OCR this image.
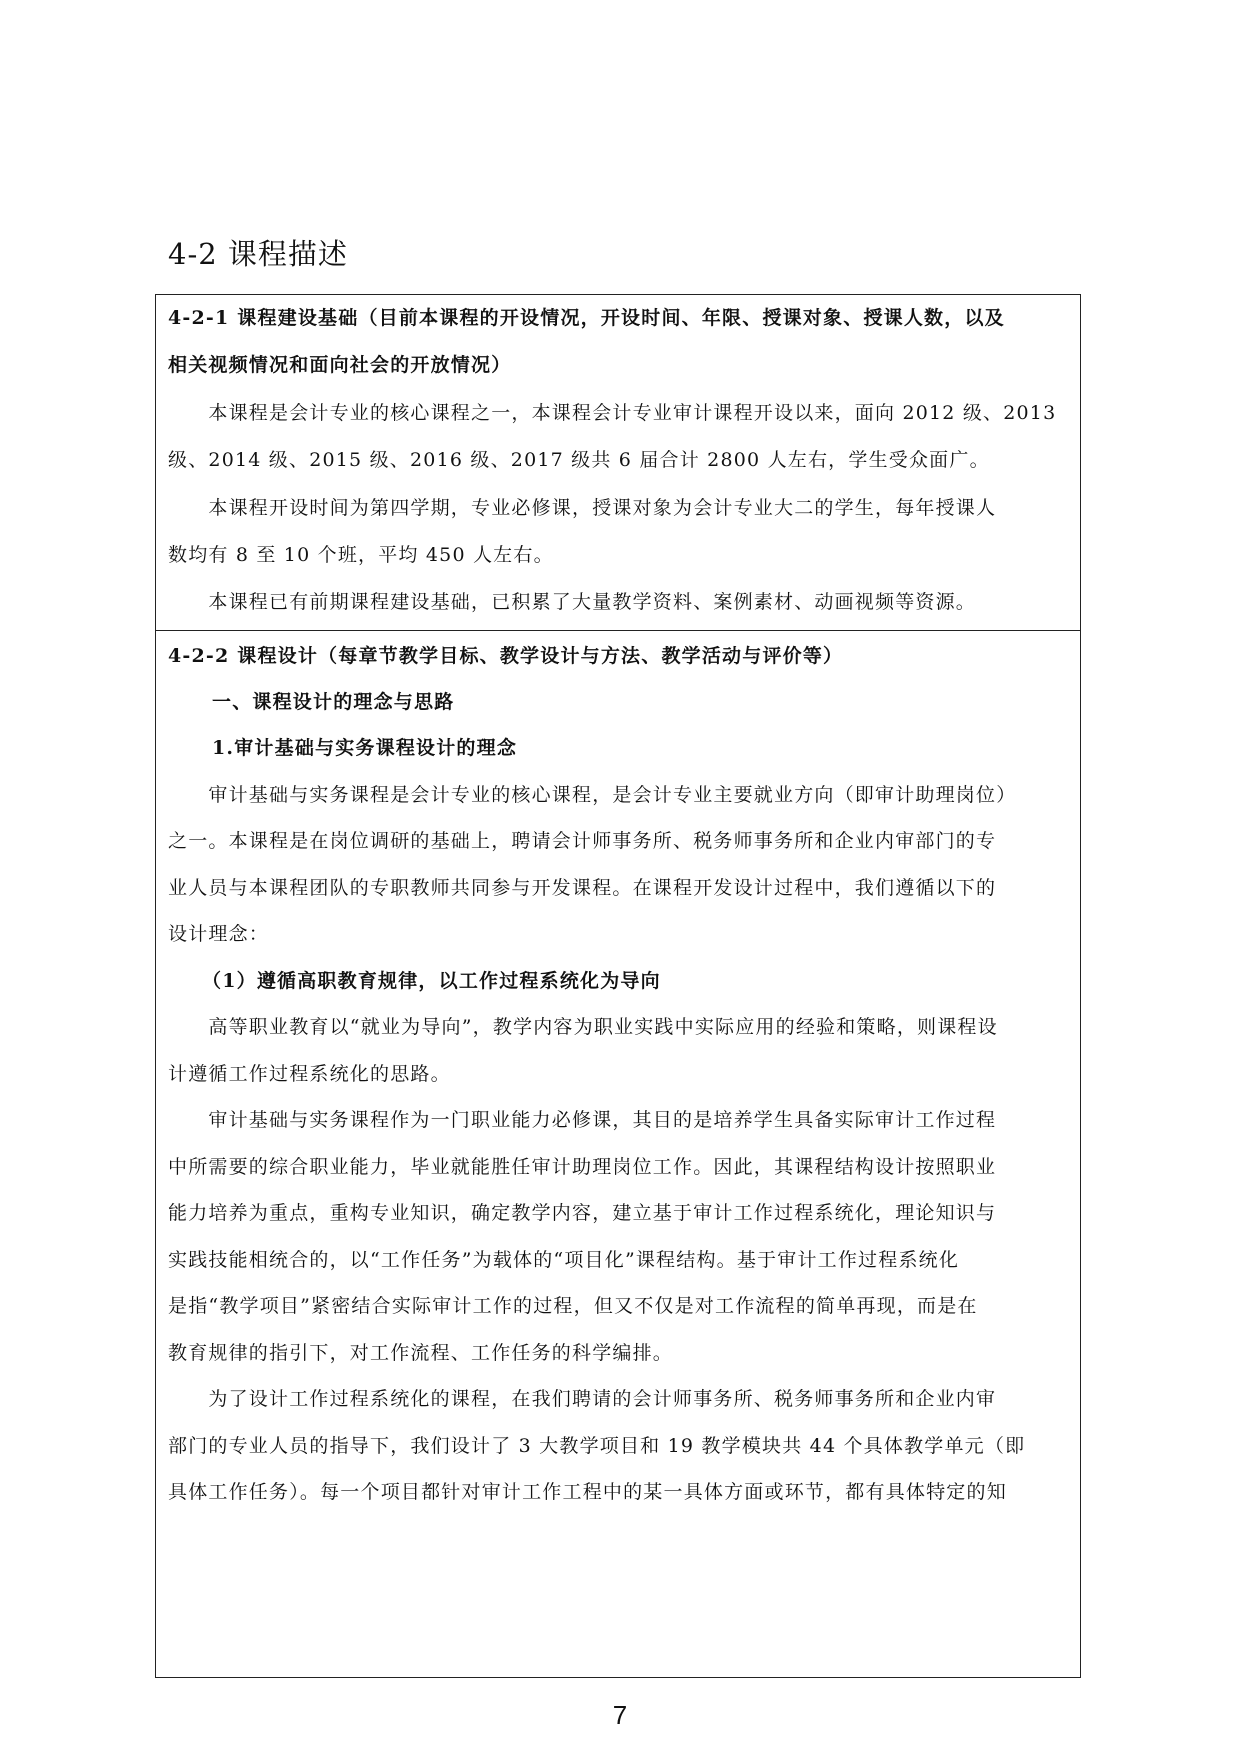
4-2 课程描述
4-2-1 课程建设基础（目前本课程的开设情况，开设时间、年限、授课对象、授课人数，以及
相关视频情况和面向社会的开放情况）
　　本课程是会计专业的核心课程之一，本课程会计专业审计课程开设以来，面向 2012 级、2013
级、2014 级、2015 级、2016 级、2017 级共 6 届合计 2800 人左右，学生受众面广。
　　本课程开设时间为第四学期，专业必修课，授课对象为会计专业大二的学生，每年授课人
数均有 8 至 10 个班，平均 450 人左右。
　　本课程已有前期课程建设基础，已积累了大量教学资料、案例素材、动画视频等资源。
4-2-2 课程设计（每章节教学目标、教学设计与方法、教学活动与评价等）
一、课程设计的理念与思路
1.审计基础与实务课程设计的理念
　　审计基础与实务课程是会计专业的核心课程，是会计专业主要就业方向（即审计助理岗位）
之一。本课程是在岗位调研的基础上，聘请会计师事务所、税务师事务所和企业内审部门的专
业人员与本课程团队的专职教师共同参与开发课程。在课程开发设计过程中，我们遵循以下的
设计理念：
（1）遵循高职教育规律，以工作过程系统化为导向
　　高等职业教育以“就业为导向”，教学内容为职业实践中实际应用的经验和策略，则课程设
计遵循工作过程系统化的思路。
　　审计基础与实务课程作为一门职业能力必修课，其目的是培养学生具备实际审计工作过程
中所需要的综合职业能力，毕业就能胜任审计助理岗位工作。因此，其课程结构设计按照职业
能力培养为重点，重构专业知识，确定教学内容，建立基于审计工作过程系统化，理论知识与
实践技能相统合的，以“工作任务”为载体的“项目化”课程结构。基于审计工作过程系统化
是指“教学项目”紧密结合实际审计工作的过程，但又不仅是对工作流程的简单再现，而是在
教育规律的指引下，对工作流程、工作任务的科学编排。
　　为了设计工作过程系统化的课程，在我们聘请的会计师事务所、税务师事务所和企业内审
部门的专业人员的指导下，我们设计了 3 大教学项目和 19 教学模块共 44 个具体教学单元（即
具体工作任务）。每一个项目都针对审计工作工程中的某一具体方面或环节，都有具体特定的知
7
